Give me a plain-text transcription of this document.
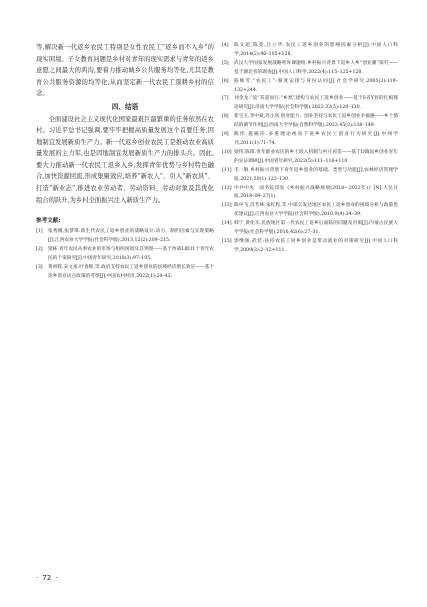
等,解决新一代返乡农民工特别是女性农民工“返乡而不入乡”的现实困境。子女教育问题是乡村对青年的现实需求与青年的返乡意愿之间最大的鸿沟,要着力推动城乡公共服务均等化,尤其是教育公共服务资源的均等化,从而坚定新一代农民工深耕乡村的信念。

四、结语

全面建设社会主义现代化国家最艰巨最繁重的任务依然在农村。习近平总书记强调,要牢牢把握高质量发展这个首要任务,因地制宜发展新质生产力。新一代返乡创业农民工是推动农业高质量发展的主力军,也是因地制宜发展新质生产力的排头兵。因此,要大力推动新一代农民工返乡入乡,发挥青年优势与乡村特色融合,加快资源回流,形成集聚效应,培养“新农人”、引入“新农具”、打造“新业态”,推进农业劳动者、劳动资料、劳动对象及其优化组合的跃升,为乡村全面振兴注入新质生产力。

参考文献:
[1]	张秀娥,张梦琪.新生代农民工返乡创业的战略设计:动力、制约因素与实现策略[J].江西农业大学学报(社会科学版),2013,12(2):209–215.
[2]	梁栋.青年农民从事农业的市场与组织困境及其突围——基于西部L镇31个青年农民的个案研究[J].中国青年研究,2018(3):97–105.
[3]	黄祖辉,宋文豪,叶春辉,等.政府支持农民工返乡创业的县域经济增长效应——基于返乡创业试点政策的考察[J].中国农村经济,2022(1):24–43.
[4]	陈文超,陈雯,江立华.农民工返乡创业的影响因素分析[J].中国人口科学,2014(2):96–105+128.
[5]	武汉大学国家发展战略智库课题组.乡村振兴背景下返乡人乡“创业潮”探究——基于湖北省的调查[J].中国人口科学,2022(4):115–125+128.
[6]	陈映芳.“农民工”:制度安排与身份认同[J].社会学研究,2005(3):119–132+244.
[7]	刘金龙.“返”其道而行:“乡愁”建构与农民工返乡创业——基于S省Y县的扎根理论研究[J].济南大学学报(社会科学版),2022,32(5):120–130.
[8]	崔宝玉,李中斌,苏小凤.创业能力、创业坚持与农民工返乡创业幸福感——乡土情结的调节作用[J].西南大学学报(自然科学版),2023,45(2):138–148.
[9]	熊伟,施雁莎.多重理论视角下返乡农民工创业行为研究[J].中州学刊,2011(1):71–74.
[10] 梁伟,陈锋.青年职业农民的乡土嵌入机制与村庄再造——基于D镇返乡创业青年的实证调研[J].中国青年研究,2022(5):111–118+110.
[11] 毛一敬.乡村振兴背景下青年返乡创业的基础、类型与功能[J].农林经济管理学报,2021,20(1):122–130.
[12] 中共中央　国务院印发《乡村振兴战略规划(2018—2022年)》[N].人民日报,2018–09–27(1).
[13] 陈中飞,肖若林,朱红程,等.中部欠发达地区农民工返乡创业的困境分析与政策优化建议[J].江西农业大学学报(社会科学版),2010,9(4):34–39.
[14] 韩宁,黄化军.民族地区第一代农民工返乡后面临的问题及对策[J].内蒙古民族大学学报(社会科学版),2016,42(6):27–31.
[15] 郭继强.武装:扶持农民工回乡创业是带动就业的对策研究[J].中国人口科学,2009(3):2–12+111.
· 72 ·
